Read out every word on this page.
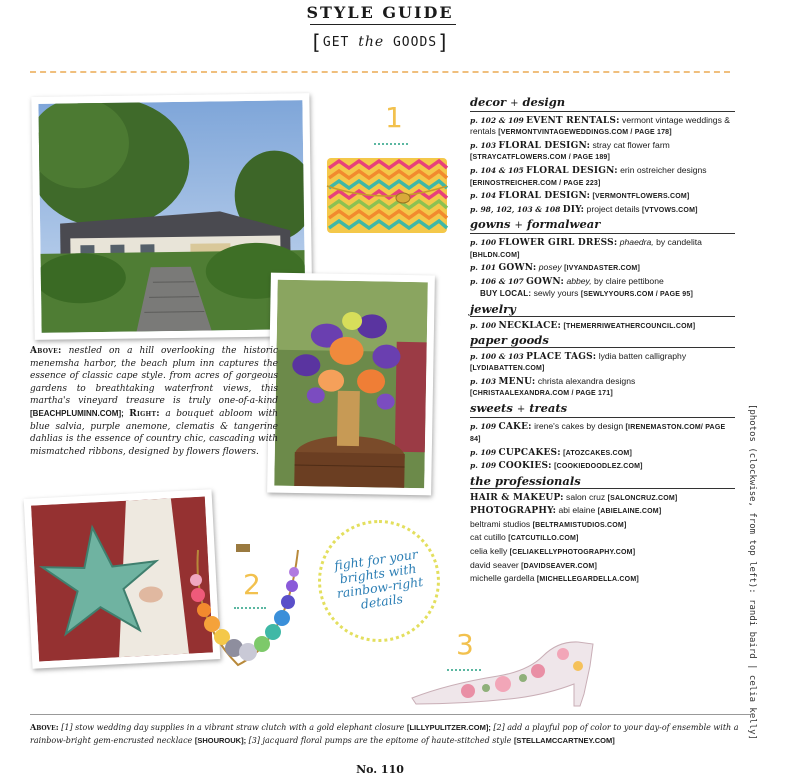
STYLE GUIDE
[GET the GOODS]
1
Above: nestled on a hill overlooking the historic menemsha harbor, the beach plum inn captures the essence of classic cape style. from acres of gorgeous gardens to breathtaking waterfront views, this martha's vineyard treasure is truly one-of-a-kind [BEACHPLUMINN.COM]; Right: a bouquet abloom with blue salvia, purple anemone, clematis & tangerine dahlias is the essence of country chic, cascading with mismatched ribbons, designed by flowers flowers.
2
fight for your brights with rainbow-right details
3
decor + design
p. 102 & 109 EVENT RENTALS: vermont vintage weddings & rentals [VERMONTVINTAGEWEDDINGS.COM / PAGE 178]
p. 103 FLORAL DESIGN: stray cat flower farm [STRAYCATFLOWERS.COM / PAGE 189]
p. 104 & 105 FLORAL DESIGN: erin ostreicher designs [ERINOSTREICHER.COM / PAGE 223]
p. 104 FLORAL DESIGN: [VERMONTFLOWERS.COM]
p. 98, 102, 103 & 108 DIY: project details [VTVOWS.COM]
gowns + formalwear
p. 100 FLOWER GIRL DRESS: phaedra, by candelita [BHLDN.COM]
p. 101 GOWN: posey [IVYANDASTER.COM]
p. 106 & 107 GOWN: abbey, by claire pettibone
BUY LOCAL: sewly yours [SEWLYYOURS.COM / PAGE 95]
jewelry
p. 100 NECKLACE: [THEMERRIWEATHERCOUNCIL.COM]
paper goods
p. 100 & 103 PLACE TAGS: lydia batten calligraphy [LYDIABATTEN.COM]
p. 103 MENU: christa alexandra designs [CHRISTAALEXANDRA.COM / PAGE 171]
sweets + treats
p. 109 CAKE: irene's cakes by design [IRENEMASTON.COM/ PAGE 84]
p. 109 CUPCAKES: [ATOZCAKES.COM]
p. 109 COOKIES: [COOKIEDOODLEZ.COM]
the professionals
HAIR & MAKEUP: salon cruz [SALONCRUZ.COM]
PHOTOGRAPHY: abi elaine [ABIELAINE.COM]
beltrami studios [BELTRAMISTUDIOS.COM]
cat cutillo [CATCUTILLO.COM]
celia kelly [CELIAKELLYPHOTOGRAPHY.COM]
david seaver [DAVIDSEAVER.COM]
michelle gardella [MICHELLEGARDELLA.COM]	[photos (clockwise, from top left): randi baird | celia kelly]
Above: [1] stow wedding day supplies in a vibrant straw clutch with a gold elephant closure [LILLYPULITZER.COM]; [2] add a playful pop of color to your day-of ensemble with a rainbow-bright gem-encrusted necklace [SHOUROUK]; [3] jacquard floral pumps are the epitome of haute-stitched style [STELLAMCCARTNEY.COM]
No. 110
